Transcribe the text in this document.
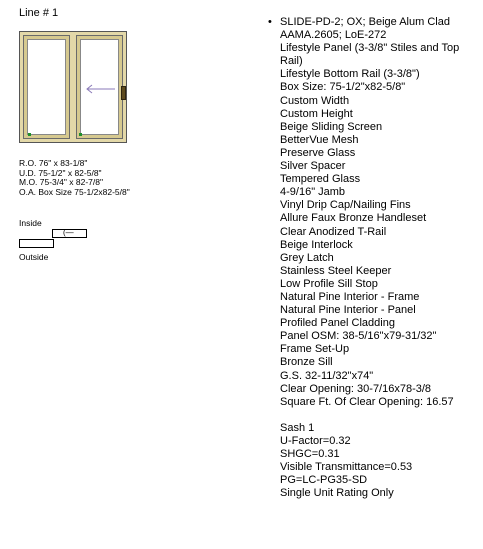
Line # 1
R.O. 76" x 83-1/8"
U.D. 75-1/2" x 82-5/8"
M.O. 75-3/4" x 82-7/8"
O.A. Box Size 75-1/2x82-5/8"
Inside
(—
Outside
• SLIDE-PD-2; OX; Beige Alum Clad
AAMA.2605; LoE-272
Lifestyle Panel (3-3/8" Stiles and Top Rail)
Lifestyle Bottom Rail (3-3/8")
Box Size: 75-1/2"x82-5/8"
Custom Width
Custom Height
Beige Sliding Screen
BetterVue Mesh
Preserve Glass
Silver Spacer
Tempered Glass
4-9/16" Jamb
Vinyl Drip Cap/Nailing Fins
Allure Faux Bronze Handleset
Clear Anodized T-Rail
Beige Interlock
Grey Latch
Stainless Steel Keeper
Low Profile Sill Stop
Natural Pine Interior - Frame
Natural Pine Interior - Panel
Profiled Panel Cladding
Panel OSM: 38-5/16"x79-31/32"
Frame Set-Up
Bronze Sill
G.S. 32-11/32"x74"
Clear Opening: 30-7/16x78-3/8
Square Ft. Of Clear Opening: 16.57
Sash 1
U-Factor=0.32
SHGC=0.31
Visible Transmittance=0.53
PG=LC-PG35-SD
Single Unit Rating Only
